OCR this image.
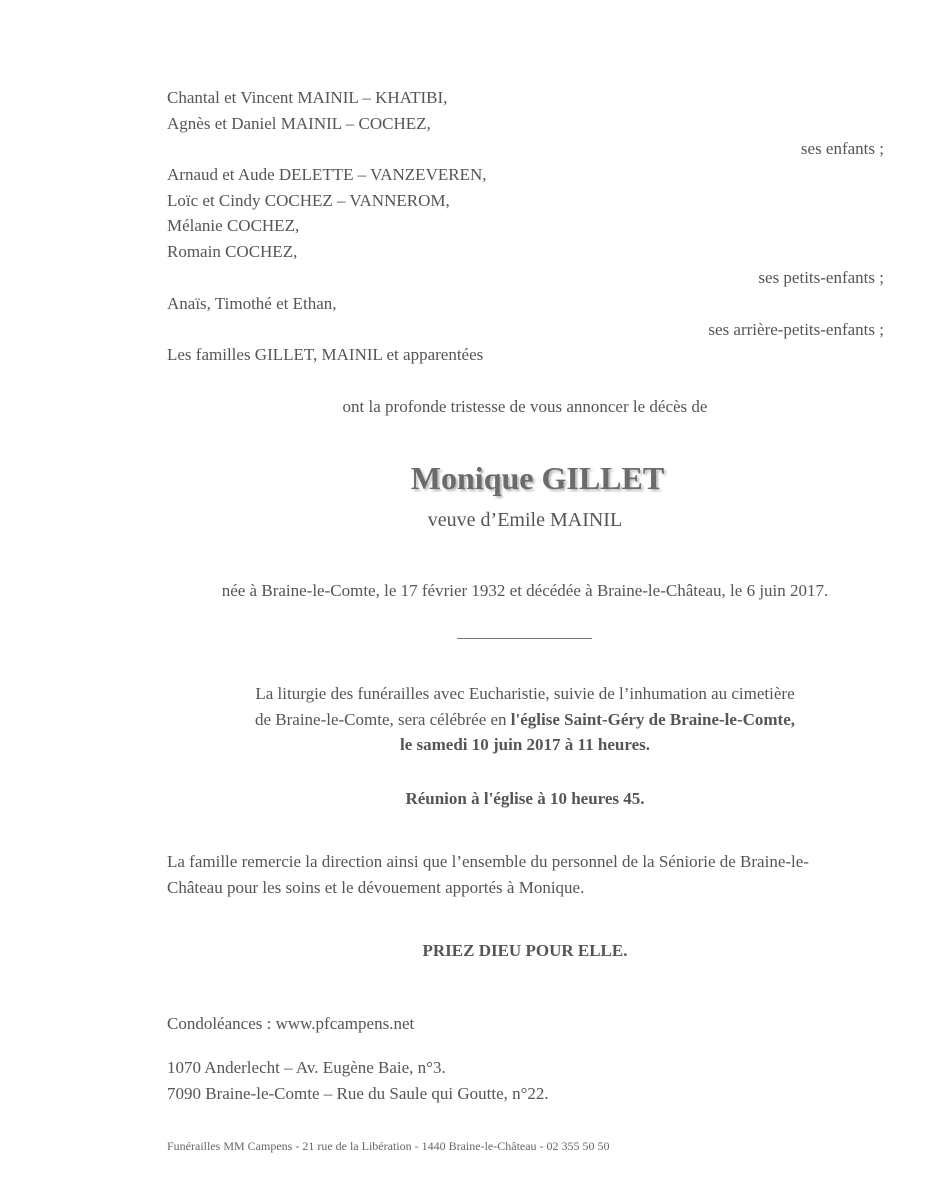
Chantal et Vincent MAINIL – KHATIBI,
Agnès et Daniel MAINIL – COCHEZ,
ses enfants ;
Arnaud et Aude DELETTE – VANZEVEREN,
Loïc et Cindy COCHEZ – VANNEROM,
Mélanie COCHEZ,
Romain COCHEZ,
ses petits-enfants ;
Anaïs, Timothé et Ethan,
ses arrière-petits-enfants ;
Les familles GILLET, MAINIL et apparentées
ont la profonde tristesse de vous annoncer le décès de
Monique GILLET
veuve d’Emile MAINIL
née à Braine-le-Comte, le 17 février 1932 et décédée à Braine-le-Château, le 6 juin 2017.
La liturgie des funérailles avec Eucharistie, suivie de l’inhumation au cimetière
de Braine-le-Comte, sera célébrée en l'église Saint-Géry de Braine-le-Comte,
le samedi 10 juin 2017 à 11 heures.
Réunion à l'église à 10 heures 45.
La famille remercie la direction ainsi que l’ensemble du personnel de la Séniorie de Braine-le-
Château pour les soins et le dévouement apportés à Monique.
PRIEZ DIEU POUR ELLE.
Condoléances : www.pfcampens.net
1070 Anderlecht – Av. Eugène Baie, n°3.
7090 Braine-le-Comte – Rue du Saule qui Goutte, n°22.
Funérailles MM Campens - 21 rue de la Libération - 1440 Braine-le-Château - 02 355 50 50
